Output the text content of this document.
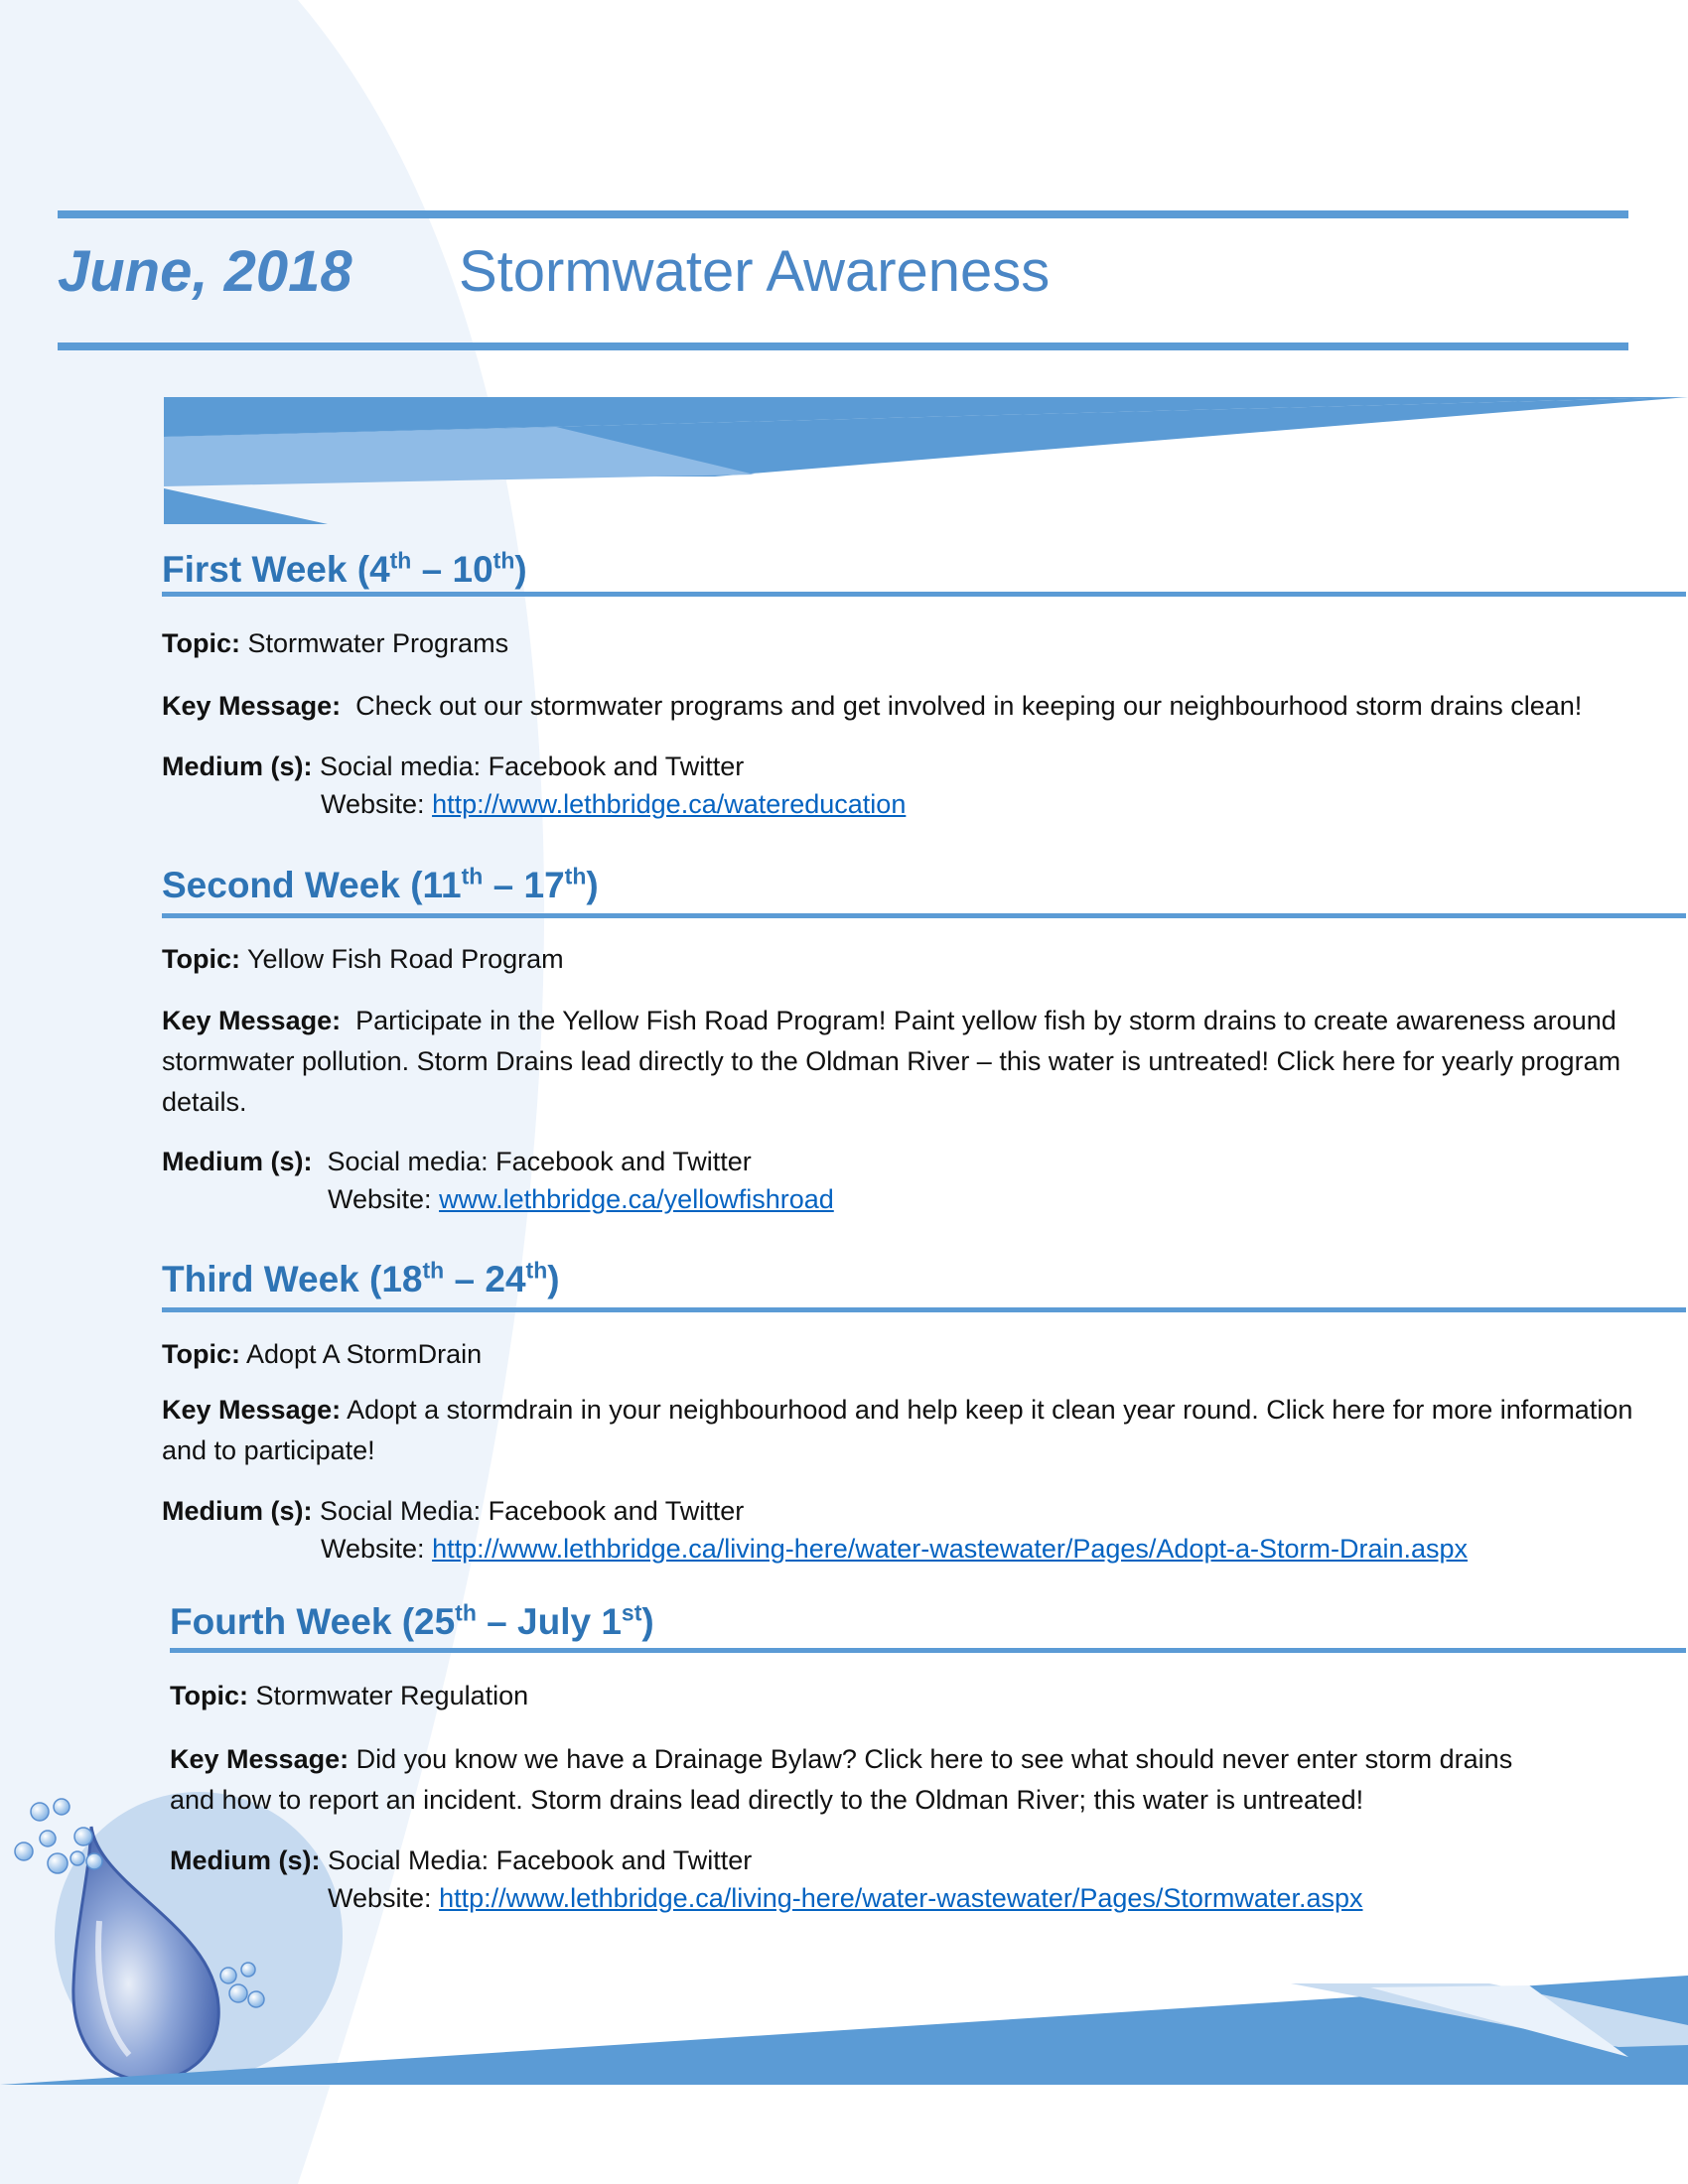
June, 2018 Stormwater Awareness
First Week (4th – 10th)
Topic: Stormwater Programs
Key Message: Check out our stormwater programs and get involved in keeping our neighbourhood storm drains clean!
Medium (s): Social media: Facebook and Twitter
Website: http://www.lethbridge.ca/watereducation
Second Week (11th – 17th)
Topic: Yellow Fish Road Program
Key Message: Participate in the Yellow Fish Road Program! Paint yellow fish by storm drains to create awareness around stormwater pollution. Storm Drains lead directly to the Oldman River – this water is untreated! Click here for yearly program details.
Medium (s): Social media: Facebook and Twitter
Website: www.lethbridge.ca/yellowfishroad
Third Week (18th – 24th)
Topic: Adopt A StormDrain
Key Message: Adopt a stormdrain in your neighbourhood and help keep it clean year round. Click here for more information and to participate!
Medium (s): Social Media: Facebook and Twitter
Website: http://www.lethbridge.ca/living-here/water-wastewater/Pages/Adopt-a-Storm-Drain.aspx
Fourth Week (25th – July 1st)
Topic: Stormwater Regulation
Key Message: Did you know we have a Drainage Bylaw? Click here to see what should never enter storm drains and how to report an incident. Storm drains lead directly to the Oldman River; this water is untreated!
Medium (s): Social Media: Facebook and Twitter
Website: http://www.lethbridge.ca/living-here/water-wastewater/Pages/Stormwater.aspx
